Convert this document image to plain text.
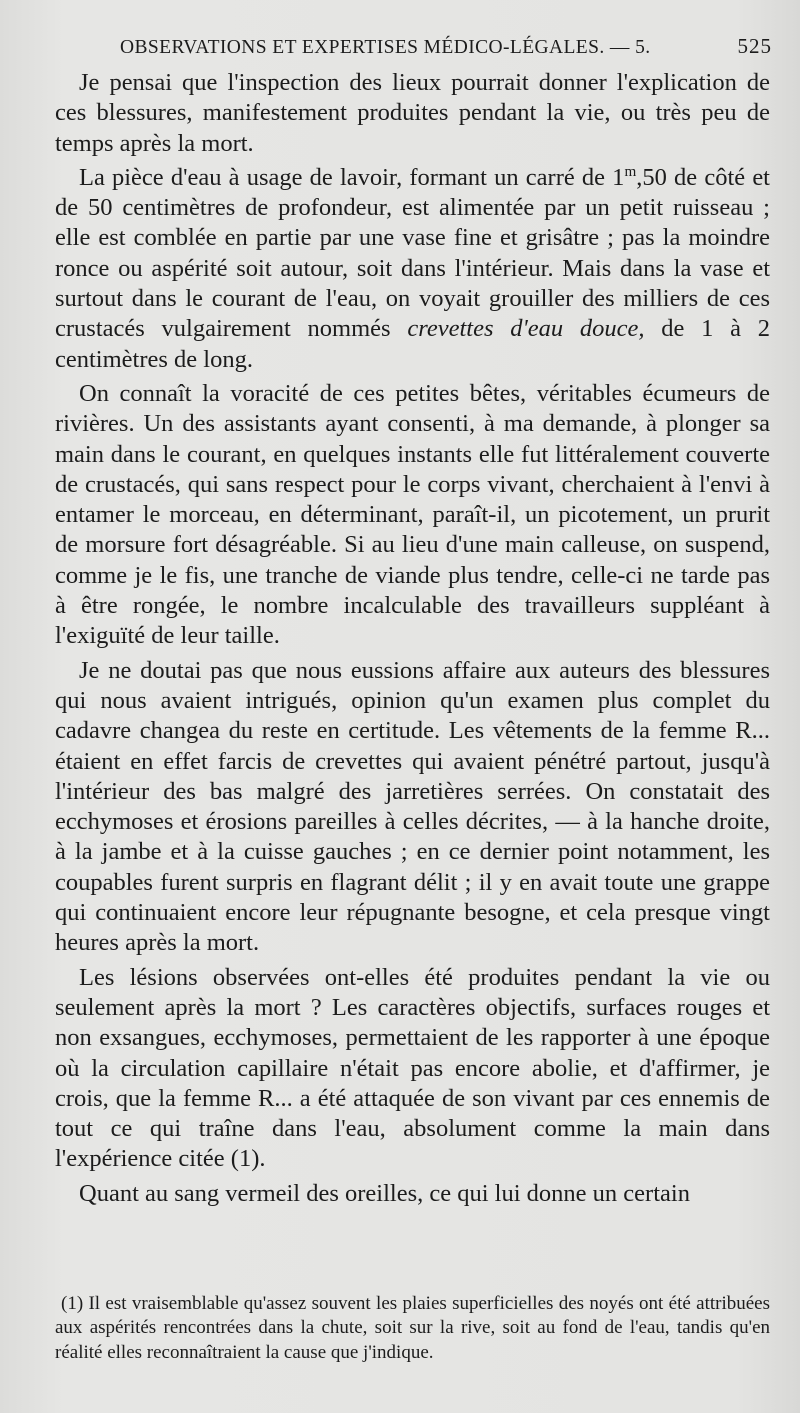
OBSERVATIONS ET EXPERTISES MÉDICO-LÉGALES. — 5.	525

Je pensai que l'inspection des lieux pourrait donner l'explication de ces blessures, manifestement produites pendant la vie, ou très peu de temps après la mort.

La pièce d'eau à usage de lavoir, formant un carré de 1$^m$,50 de côté et de 50 centimètres de profondeur, est alimentée par un petit ruisseau ; elle est comblée en partie par une vase fine et grisâtre ; pas la moindre ronce ou aspérité soit autour, soit dans l'intérieur. Mais dans la vase et surtout dans le courant de l'eau, on voyait grouiller des milliers de ces crustacés vulgairement nommés crevettes d'eau douce, de 1 à 2 centimètres de long.

On connaît la voracité de ces petites bêtes, véritables écumeurs de rivières. Un des assistants ayant consenti, à ma demande, à plonger sa main dans le courant, en quelques instants elle fut littéralement couverte de crustacés, qui sans respect pour le corps vivant, cherchaient à l'envi à entamer le morceau, en déterminant, paraît-il, un picotement, un prurit de morsure fort désagréable. Si au lieu d'une main calleuse, on suspend, comme je le fis, une tranche de viande plus tendre, celle-ci ne tarde pas à être rongée, le nombre incalculable des travailleurs suppléant à l'exiguïté de leur taille.

Je ne doutai pas que nous eussions affaire aux auteurs des blessures qui nous avaient intrigués, opinion qu'un examen plus complet du cadavre changea du reste en certitude. Les vêtements de la femme R... étaient en effet farcis de crevettes qui avaient pénétré partout, jusqu'à l'intérieur des bas malgré des jarretières serrées. On constatait des ecchymoses et érosions pareilles à celles décrites, — à la hanche droite, à la jambe et à la cuisse gauches ; en ce dernier point notamment, les coupables furent surpris en flagrant délit ; il y en avait toute une grappe qui continuaient encore leur répugnante besogne, et cela presque vingt heures après la mort.

Les lésions observées ont-elles été produites pendant la vie ou seulement après la mort ? Les caractères objectifs, surfaces rouges et non exsangues, ecchymoses, permettaient de les rapporter à une époque où la circulation capillaire n'était pas encore abolie, et d'affirmer, je crois, que la femme R... a été attaquée de son vivant par ces ennemis de tout ce qui traîne dans l'eau, absolument comme la main dans l'expérience citée (1).

Quant au sang vermeil des oreilles, ce qui lui donne un certain

(1) Il est vraisemblable qu'assez souvent les plaies superficielles des noyés ont été attribuées aux aspérités rencontrées dans la chute, soit sur la rive, soit au fond de l'eau, tandis qu'en réalité elles reconnaîtraient la cause que j'indique.
